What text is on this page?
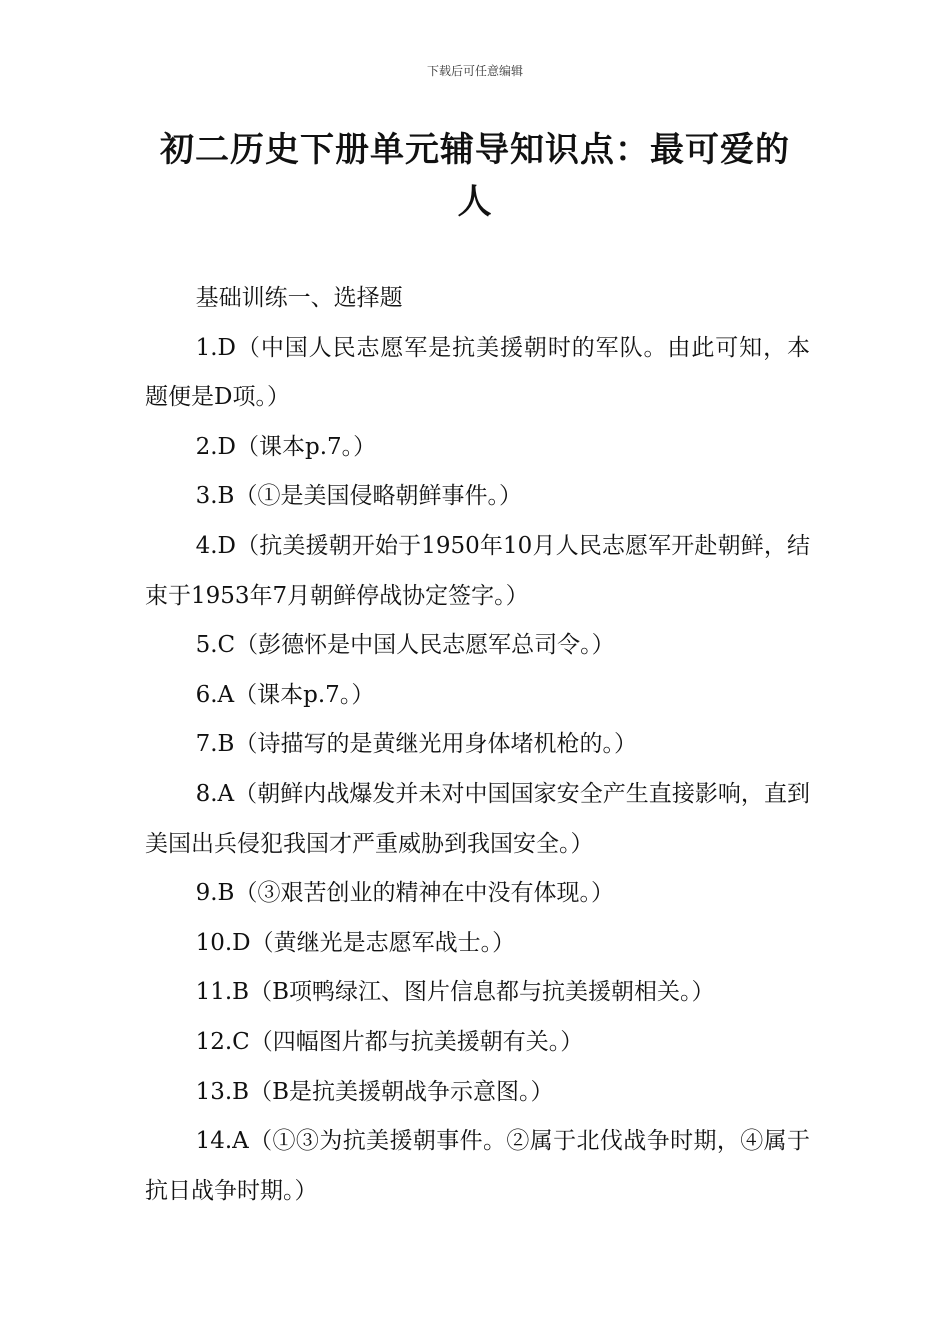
下载后可任意编辑
初二历史下册单元辅导知识点：最可爱的
人

基础训练一、选择题

1.D（中国人民志愿军是抗美援朝时的军队。由此可知，本题便是D项。）

2.D（课本p.7。）

3.B（①是美国侵略朝鲜事件。）

4.D（抗美援朝开始于1950年10月人民志愿军开赴朝鲜，结束于1953年7月朝鲜停战协定签字。）

5.C（彭德怀是中国人民志愿军总司令。）

6.A（课本p.7。）

7.B（诗描写的是黄继光用身体堵机枪的。）

8.A（朝鲜内战爆发并未对中国国家安全产生直接影响，直到美国出兵侵犯我国才严重威胁到我国安全。）

9.B（③艰苦创业的精神在中没有体现。）

10.D（黄继光是志愿军战士。）

11.B（B项鸭绿江、图片信息都与抗美援朝相关。）

12.C（四幅图片都与抗美援朝有关。）

13.B（B是抗美援朝战争示意图。）

14.A（①③为抗美援朝事件。②属于北伐战争时期，④属于抗日战争时期。）
